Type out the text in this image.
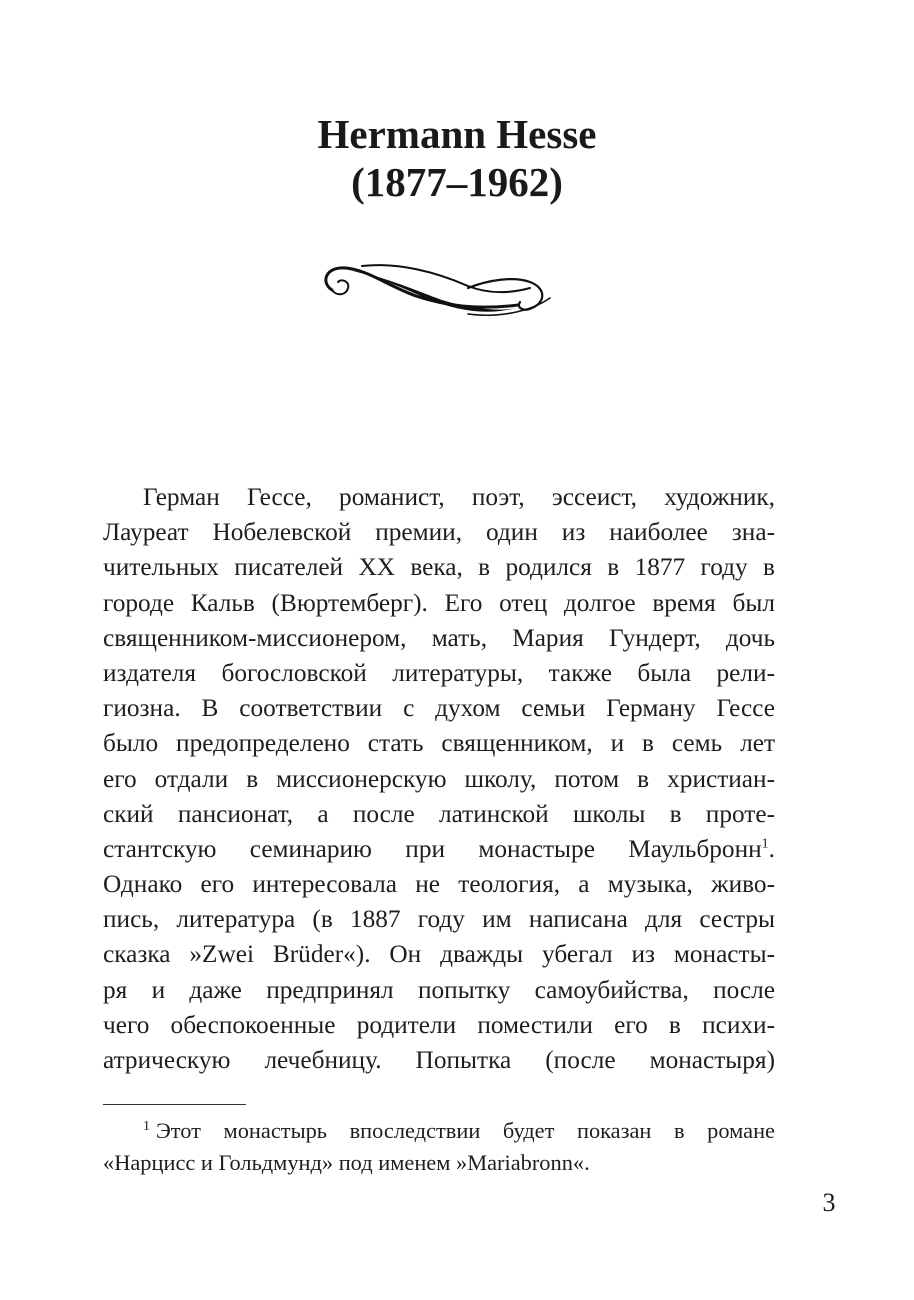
Hermann Hesse
(1877–1962)
Герман Гессе, романист, поэт, эссеист, художник,
Лауреат Нобелевской премии, один из наиболее зна-
чительных писателей XX века, в родился в 1877 году в
городе Кальв (Вюртемберг). Его отец долгое время был
священником-миссионером, мать, Мария Гундерт, дочь
издателя богословской литературы, также была рели-
гиозна. В соответствии с духом семьи Герману Гессе
было предопределено стать священником, и в семь лет
его отдали в миссионерскую школу, потом в христиан-
ский пансионат, а после латинской школы в проте-
стантскую семинарию при монастыре Маульбронн$^1$.
Однако его интересовала не теология, а музыка, живо-
пись, литература (в 1887 году им написана для сестры
сказка »Zwei Brüder«). Он дважды убегал из монасты-
ря и даже предпринял попытку самоубийства, после
чего обеспокоенные родители поместили его в психи-
атрическую лечебницу. Попытка (после монастыря)
$^1$ Этот монастырь впоследствии будет показан в романе
«Нарцисс и Гольдмунд» под именем »Mariabronn«.
3
